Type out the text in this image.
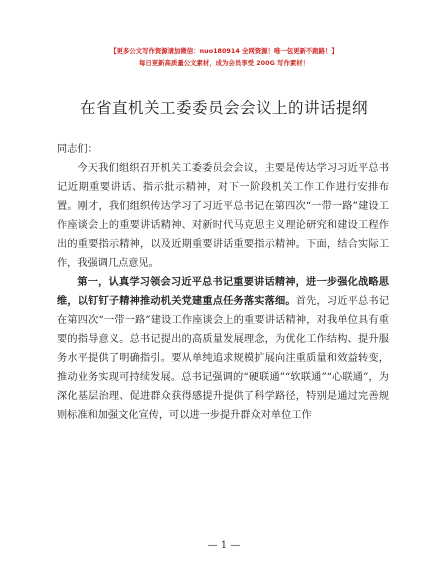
【更多公文写作资源请加微信：nuo180914 全网资源！唯一包更新不跑路！】
每日更新高质量公文素材，成为会员享受 200G 写作素材！
在省直机关工委委员会会议上的讲话提纲

同志们：

今天我们组织召开机关工委委员会会议，主要是传达学习习近平总书记近期重要讲话、指示批示精神，对下一阶段机关工作工作进行安排布置。刚才，我们组织传达学习了习近平总书记在第四次“一带一路”建设工作座谈会上的重要讲话精神、对新时代马克思主义理论研究和建设工程作出的重要指示精神，以及近期重要讲话重要指示精神。下面，结合实际工作，我强调几点意见。

第一，认真学习领会习近平总书记重要讲话精神，进一步强化战略思维，以钉钉子精神推动机关党建重点任务落实落细。首先，习近平总书记在第四次“一带一路”建设工作座谈会上的重要讲话精神，对我单位具有重要的指导意义。总书记提出的高质量发展理念，为优化工作结构、提升服务水平提供了明确指引。要从单纯追求规模扩展向注重质量和效益转变，推动业务实现可持续发展。总书记强调的“硬联通”“软联通”“心联通”，为深化基层治理、促进群众获得感提升提供了科学路径，特别是通过完善规则标准和加强文化宣传，可以进一步提升群众对单位工作

— 1 —
